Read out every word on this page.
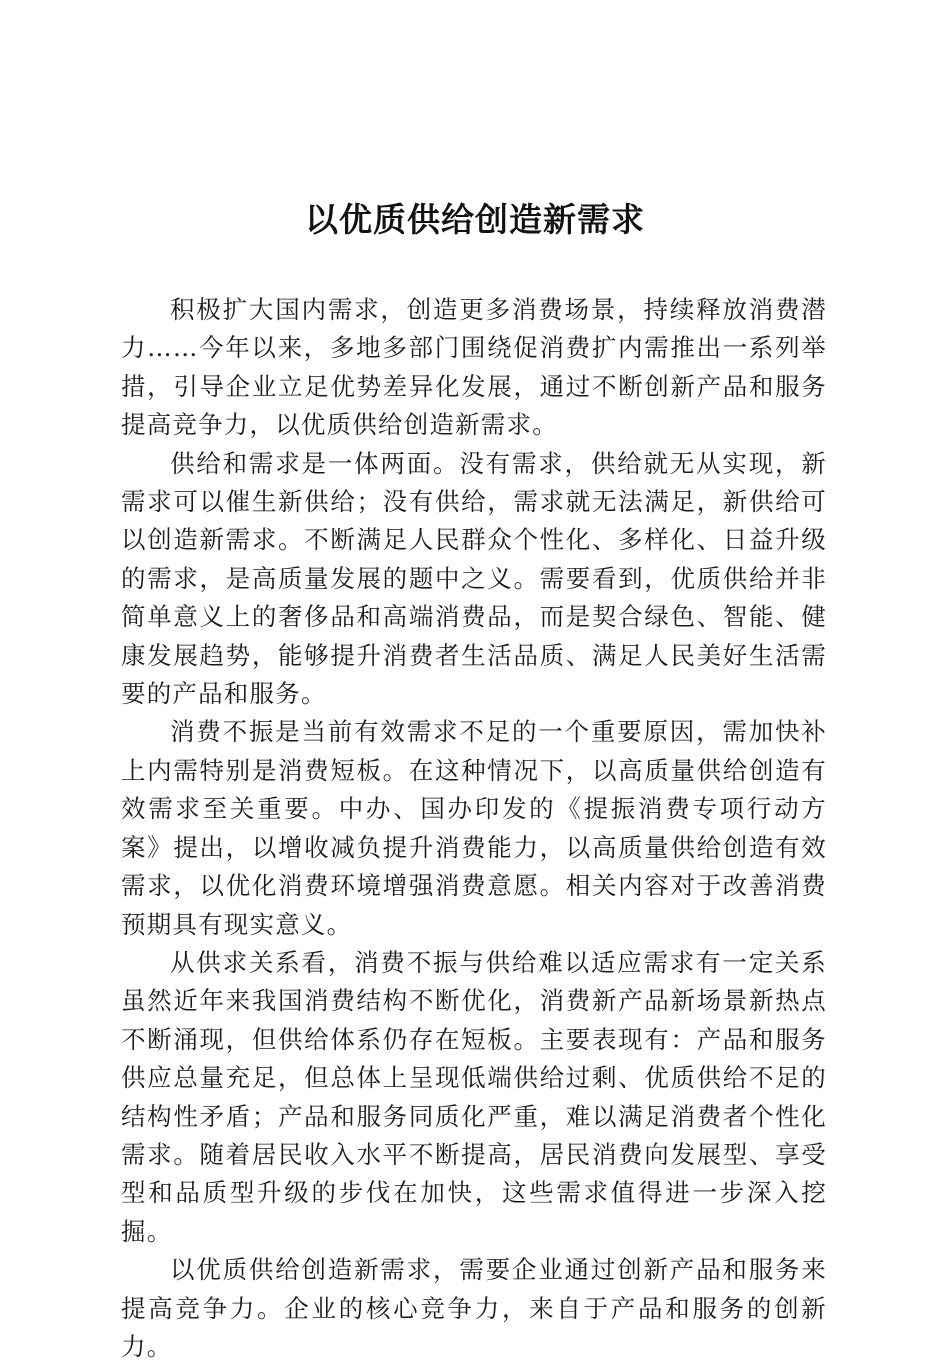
以优质供给创造新需求

积极扩大国内需求，创造更多消费场景，持续释放消费潜力……今年以来，多地多部门围绕促消费扩内需推出一系列举措，引导企业立足优势差异化发展，通过不断创新产品和服务提高竞争力，以优质供给创造新需求。

供给和需求是一体两面。没有需求，供给就无从实现，新需求可以催生新供给；没有供给，需求就无法满足，新供给可以创造新需求。不断满足人民群众个性化、多样化、日益升级的需求，是高质量发展的题中之义。需要看到，优质供给并非简单意义上的奢侈品和高端消费品，而是契合绿色、智能、健康发展趋势，能够提升消费者生活品质、满足人民美好生活需要的产品和服务。

消费不振是当前有效需求不足的一个重要原因，需加快补上内需特别是消费短板。在这种情况下，以高质量供给创造有效需求至关重要。中办、国办印发的《提振消费专项行动方案》提出，以增收减负提升消费能力，以高质量供给创造有效需求，以优化消费环境增强消费意愿。相关内容对于改善消费预期具有现实意义。

从供求关系看，消费不振与供给难以适应需求有一定关系虽然近年来我国消费结构不断优化，消费新产品新场景新热点不断涌现，但供给体系仍存在短板。主要表现有：产品和服务供应总量充足，但总体上呈现低端供给过剩、优质供给不足的结构性矛盾；产品和服务同质化严重，难以满足消费者个性化需求。随着居民收入水平不断提高，居民消费向发展型、享受型和品质型升级的步伐在加快，这些需求值得进一步深入挖掘。

以优质供给创造新需求，需要企业通过创新产品和服务来提高竞争力。企业的核心竞争力，来自于产品和服务的创新力。
